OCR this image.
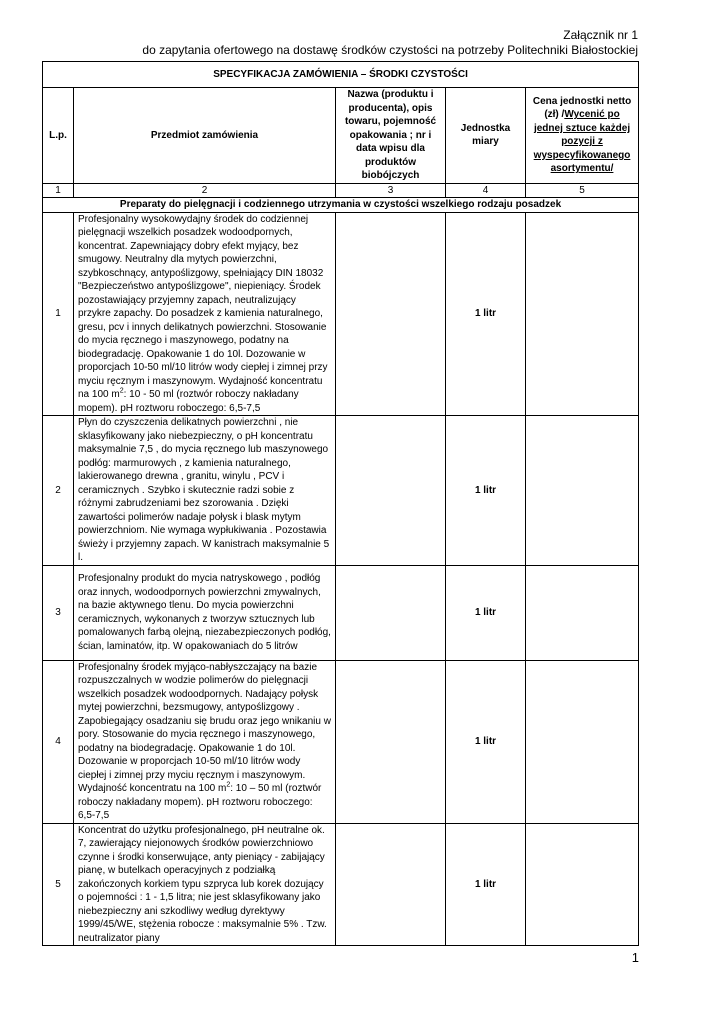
Załącznik nr 1
do zapytania ofertowego na dostawę środków czystości na potrzeby Politechniki Białostockiej
SPECYFIKACJA ZAMÓWIENIA – ŚRODKI CZYSTOŚCI				
L.p.	Przedmiot zamówienia	Nazwa (produktu i producenta), opis towaru, pojemność opakowania ; nr i data wpisu dla produktów biobójczych	Jednostka miary	Cena jednostki netto (zł) /Wycenić po jednej sztuce każdej pozycji z wyspecyfikowanego asortymentu/
1	2	3	4	5
Preparaty do pielęgnacji i codziennego utrzymania w czystości wszelkiego rodzaju posadzek				
1	Profesjonalny wysokowydajny środek do codziennej pielęgnacji wszelkich posadzek wodoodpornych, koncentrat. Zapewniający dobry efekt myjący, bez smugowy. Neutralny dla mytych powierzchni, szybkoschnący, antypoślizgowy, spełniający DIN 18032 "Bezpieczeństwo antypoślizgowe", niepieniący. Środek pozostawiający przyjemny zapach, neutralizujący przykre zapachy. Do posadzek z kamienia naturalnego, gresu, pcv i innych delikatnych powierzchni. Stosowanie do mycia ręcznego i maszynowego, podatny na biodegradację. Opakowanie 1 do 10l. Dozowanie w proporcjach 10-50 ml/10 litrów wody ciepłej i zimnej przy myciu ręcznym i maszynowym. Wydajność koncentratu na 100 $m^2$: 10 - 50 ml (roztwór roboczy nakładany mopem). pH roztworu roboczego: 6,5-7,5		1 litr	
2	Płyn do czyszczenia delikatnych powierzchni , nie sklasyfikowany jako niebezpieczny, o pH koncentratu maksymalnie 7,5 , do mycia ręcznego lub maszynowego podłóg: marmurowych , z kamienia naturalnego, lakierowanego drewna , granitu, winylu , PCV i ceramicznych . Szybko i skutecznie radzi sobie z różnymi zabrudzeniami bez szorowania . Dzięki zawartości polimerów nadaje połysk i blask mytym powierzchniom. Nie wymaga wypłukiwania . Pozostawia świeży i przyjemny zapach. W kanistrach maksymalnie 5 l.		1 litr	
3	Profesjonalny produkt do mycia natryskowego , podłóg oraz innych, wodoodpornych powierzchni zmywalnych, na bazie aktywnego tlenu. Do mycia powierzchni ceramicznych, wykonanych z tworzyw sztucznych lub pomalowanych farbą olejną, niezabezpieczonych podłóg, ścian, laminatów, itp. W opakowaniach do 5 litrów		1 litr	
4	Profesjonalny środek myjąco-nabłyszczający na bazie rozpuszczalnych w wodzie polimerów do pielęgnacji wszelkich posadzek wodoodpornych. Nadający połysk mytej powierzchni, bezsmugowy, antypoślizgowy . Zapobiegający osadzaniu się brudu oraz jego wnikaniu w pory. Stosowanie do mycia ręcznego i maszynowego, podatny na biodegradację. Opakowanie 1 do 10l. Dozowanie w proporcjach 10-50 ml/10 litrów wody ciepłej i zimnej przy myciu ręcznym i maszynowym. Wydajność koncentratu na 100 $m^2$: 10 – 50 ml (roztwór roboczy nakładany mopem). pH roztworu roboczego: 6,5-7,5		1 litr	
5	Koncentrat do użytku profesjonalnego, pH neutralne ok. 7, zawierający niejonowych środków powierzchniowo czynne i środki konserwujące, anty pieniący - zabijający pianę, w butelkach operacyjnych z podziałką zakończonych korkiem typu szpryca lub korek dozujący o pojemności : 1 - 1,5 litra; nie jest sklasyfikowany jako niebezpieczny ani szkodliwy według dyrektywy 1999/45/WE, stężenia robocze : maksymalnie 5% . Tzw. neutralizator piany		1 litr	
1
